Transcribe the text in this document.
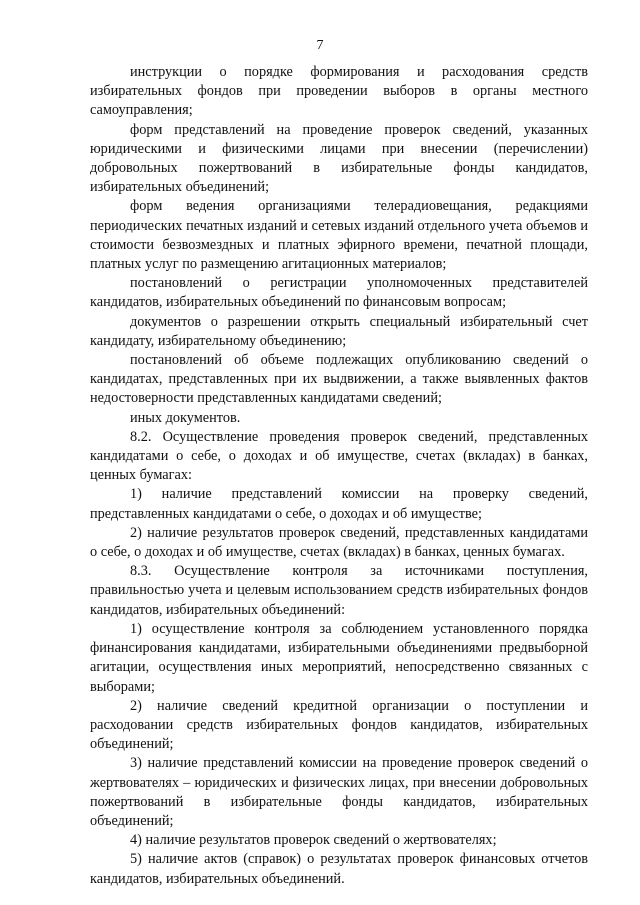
7

инструкции о порядке формирования и расходования средств избирательных фондов при проведении выборов в органы местного самоуправления;

форм представлений на проведение проверок сведений, указанных юридическими и физическими лицами при внесении (перечислении) добровольных пожертвований в избирательные фонды кандидатов, избирательных объединений;

форм ведения организациями телерадиовещания, редакциями периодических печатных изданий и сетевых изданий отдельного учета объемов и стоимости безвозмездных и платных эфирного времени, печатной площади, платных услуг по размещению агитационных материалов;

постановлений о регистрации уполномоченных представителей кандидатов, избирательных объединений по финансовым вопросам;

документов о разрешении открыть специальный избирательный счет кандидату, избирательному объединению;

постановлений об объеме подлежащих опубликованию сведений о кандидатах, представленных при их выдвижении, а также выявленных фактов недостоверности представленных кандидатами сведений;

иных документов.

8.2. Осуществление проведения проверок сведений, представленных кандидатами о себе, о доходах и об имуществе, счетах (вкладах) в банках, ценных бумагах:

1) наличие представлений комиссии на проверку сведений, представленных кандидатами о себе, о доходах и об имуществе;

2) наличие результатов проверок сведений, представленных кандидатами о себе, о доходах и об имуществе, счетах (вкладах) в банках, ценных бумагах.

8.3. Осуществление контроля за источниками поступления, правильностью учета и целевым использованием средств избирательных фондов кандидатов, избирательных объединений:

1) осуществление контроля за соблюдением установленного порядка финансирования кандидатами, избирательными объединениями предвыборной агитации, осуществления иных мероприятий, непосредственно связанных с выборами;

2) наличие сведений кредитной организации о поступлении и расходовании средств избирательных фондов кандидатов, избирательных объединений;

3) наличие представлений комиссии на проведение проверок сведений о жертвователях – юридических и физических лицах, при внесении добровольных пожертвований в избирательные фонды кандидатов, избирательных объединений;

4) наличие результатов проверок сведений о жертвователях;

5) наличие актов (справок) о результатах проверок финансовых отчетов кандидатов, избирательных объединений.
